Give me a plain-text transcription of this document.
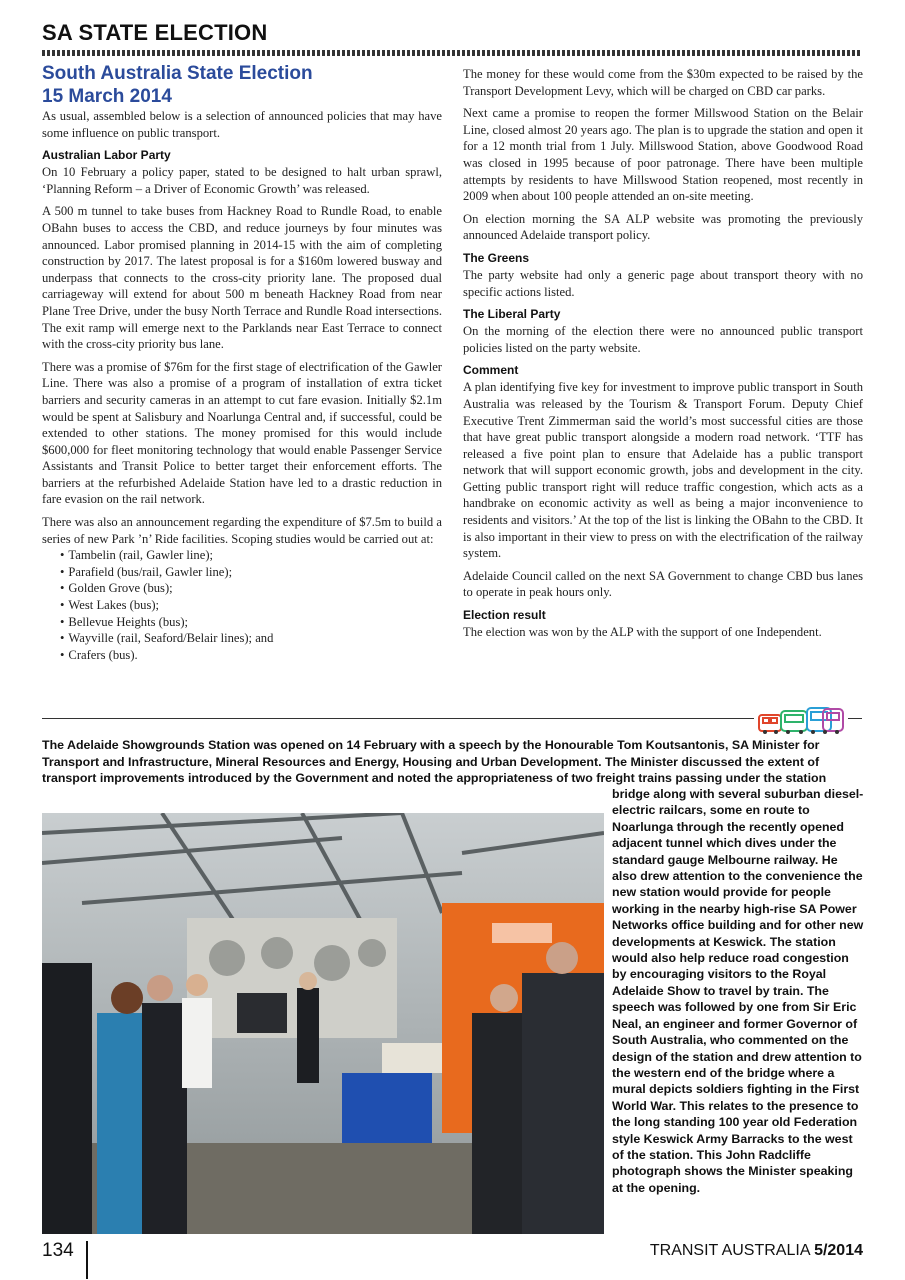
SA STATE ELECTION
South Australia State Election
15 March 2014

As usual, assembled below is a selection of announced policies that may have some influence on public transport.

Australian Labor Party

On 10 February a policy paper, stated to be designed to halt urban sprawl, ‘Planning Reform – a Driver of Economic Growth’ was released.

A 500 m tunnel to take buses from Hackney Road to Rundle Road, to enable OBahn buses to access the CBD, and reduce journeys by four minutes was announced. Labor promised planning in 2014-15 with the aim of completing construction by 2017. The latest proposal is for a $160m lowered busway and underpass that connects to the cross-city priority lane. The proposed dual carriageway will extend for about 500 m beneath Hackney Road from near Plane Tree Drive, under the busy North Terrace and Rundle Road intersections. The exit ramp will emerge next to the Parklands near East Terrace to connect with the cross-city priority bus lane.

There was a promise of $76m for the first stage of electrification of the Gawler Line. There was also a promise of a program of installation of extra ticket barriers and security cameras in an attempt to cut fare evasion. Initially $2.1m would be spent at Salisbury and Noarlunga Central and, if successful, could be extended to other stations. The money promised for this would include $600,000 for fleet monitoring technology that would enable Passenger Service Assistants and Transit Police to better target their enforcement efforts. The barriers at the refurbished Adelaide Station have led to a drastic reduction in fare evasion on the rail network.

There was also an announcement regarding the expenditure of $7.5m to build a series of new Park ’n’ Ride facilities. Scoping studies would be carried out at:

• Tambelin (rail, Gawler line);
• Parafield (bus/rail, Gawler line);
• Golden Grove (bus);
• West Lakes (bus);
• Bellevue Heights (bus);
• Wayville (rail, Seaford/Belair lines); and
• Crafers (bus).

The money for these would come from the $30m expected to be raised by the Transport Development Levy, which will be charged on CBD car parks.

Next came a promise to reopen the former Millswood Station on the Belair Line, closed almost 20 years ago. The plan is to upgrade the station and open it for a 12 month trial from 1 July. Millswood Station, above Goodwood Road was closed in 1995 because of poor patronage. There have been multiple attempts by residents to have Millswood Station reopened, most recently in 2009 when about 100 people attended an on-site meeting.

On election morning the SA ALP website was promoting the previously announced Adelaide transport policy.

The Greens

The party website had only a generic page about transport theory with no specific actions listed.

The Liberal Party

On the morning of the election there were no announced public transport policies listed on the party website.

Comment

A plan identifying five key for investment to improve public transport in South Australia was released by the Tourism & Transport Forum. Deputy Chief Executive Trent Zimmerman said the world’s most successful cities are those that have great public transport alongside a modern road network. ‘TTF has released a five point plan to ensure that Adelaide has a public transport network that will support economic growth, jobs and development in the city. Getting public transport right will reduce traffic congestion, which acts as a handbrake on economic activity as well as being a major inconvenience to residents and visitors.’ At the top of the list is linking the OBahn to the CBD. It is also important in their view to press on with the electrification of the railway system.

Adelaide Council called on the next SA Government to change CBD bus lanes to operate in peak hours only.

Election result

The election was won by the ALP with the support of one Independent.

The Adelaide Showgrounds Station was opened on 14 February with a speech by the Honourable Tom Koutsantonis, SA Minister for Transport and Infrastructure, Mineral Resources and Energy, Housing and Urban Development. The Minister discussed the extent of transport improvements introduced by the Government and noted the appropriateness of two freight trains passing under the station
bridge along with several suburban diesel-electric railcars, some en route to Noarlunga through the recently opened adjacent tunnel which dives under the standard gauge Melbourne railway. He also drew attention to the convenience the new station would provide for people working in the nearby high-rise SA Power Networks office building and for other new developments at Keswick. The station would also help reduce road congestion by encouraging visitors to the Royal Adelaide Show to travel by train. The speech was followed by one from Sir Eric Neal, an engineer and former Governor of South Australia, who commented on the design of the station and drew attention to the western end of the bridge where a mural depicts soldiers fighting in the First World War. This relates to the presence to the long standing 100 year old Federation style Keswick Army Barracks to the west of the station. This John Radcliffe photograph shows the Minister speaking at the opening.
134	TRANSIT AUSTRALIA 5/2014
